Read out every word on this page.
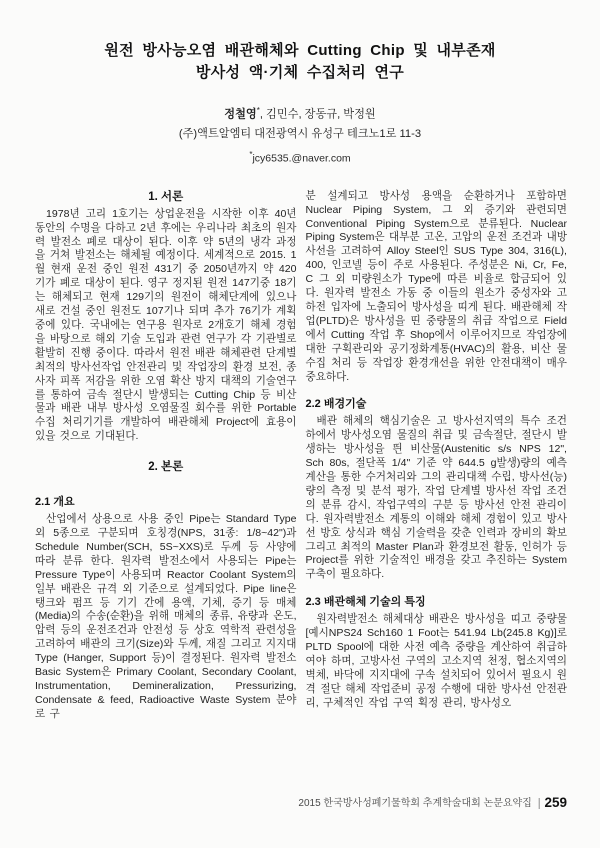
원전 방사능오염 배관해체와 Cutting Chip 및 내부존재
방사성 액·기체 수집처리 연구
정철영*, 김민수, 장동규, 박정원
(주)액트알엠티 대전광역시 유성구 테크노1로 11-3
*jcy6535.@naver.com
1. 서론

1978년 고리 1호기는 상업운전을 시작한 이후 40년 동안의 수명을 다하고 2년 후에는 우리나라 최초의 원자력 발전소 폐로 대상이 된다. 이후 약 5년의 냉각 과정을 거쳐 발전소는 해체될 예정이다. 세계적으로 2015. 1월 현재 운전 중인 원전 431기 중 2050년까지 약 420기가 폐로 대상이 된다. 영구 정지된 원전 147기중 18기는 해체되고 현재 129기의 원전이 해체단계에 있으나 새로 건설 중인 원전도 107기나 되며 추가 76기가 계획 중에 있다. 국내에는 연구용 원자로 2개호기 해체 경험을 바탕으로 해외 기술 도입과 관련 연구가 각 기관별로 활발히 진행 중이다. 따라서 원전 배관 해체관련 단계별 최적의 방사선작업 안전관리 및 작업장의 환경 보전, 종사자 피폭 저감을 위한 오염 확산 방지 대책의 기술연구를 통하여 금속 절단시 발생되는 Cutting Chip 등 비산물과 배관 내부 방사성 오염물질 회수를 위한 Portable 수집 처리기기를 개발하여 배관해체 Project에 효용이 있을 것으로 기대된다.

2. 본론
2.1 개요

산업에서 상용으로 사용 중인 Pipe는 Standard Type 외 5종으로 구분되며 호칭경(NPS, 31종: 1/8~42")과 Schedule Number(SCH, 5S~XXS)로 두께 등 사양에 따라 분류 한다. 원자력 발전소에서 사용되는 Pipe는 Pressure Type이 사용되며 Reactor Coolant System의 일부 배관은 규격 외 기준으로 설계되었다. Pipe line은 탱크와 펌프 등 기기 간에 용액, 기체, 증기 등 매체(Media)의 수송(순환)을 위해 매체의 종류, 유량과 온도, 압력 등의 운전조건과 안전성 등 상호 역학적 관련성을 고려하여 배관의 크기(Size)와 두께, 재질 그리고 지지대 Type (Hanger, Support 등)이 결정된다. 원자력 발전소 Basic System은 Primary Coolant, Secondary Coolant, Instrumentation, Demineralization, Pressurizing, Condensate & feed, Radioactive Waste System 분야로 구

분 설계되고 방사성 용액을 순환하거나 포함하면 Nuclear Piping System, 그 외 증기와 관련되면 Conventional Piping System으로 분류된다. Nuclear Piping System은 대부분 고온, 고압의 운전 조건과 내방사선을 고려하여 Alloy Steel인 SUS Type 304, 316(L), 400, 인코넬 등이 주로 사용된다. 주성분은 Ni, Cr, Fe, C 그 외 미량원소가 Type에 따른 비율로 합금되어 있다. 원자력 발전소 가동 중 이들의 원소가 중성자와 고 하전 입자에 노출되어 방사성을 띠게 된다. 배관해체 작업(PLTD)은 방사성을 띤 중량물의 취급 작업으로 Field에서 Cutting 작업 후 Shop에서 이루어지므로 작업장에 대한 구획관리와 공기정화계통(HVAC)의 활용, 비산 물 수집 처리 등 작업장 환경개선을 위한 안전대책이 매우 중요하다.

2.2 배경기술

배관 해체의 핵심기술은 고 방사선지역의 특수 조건하에서 방사성오염 물질의 취급 및 금속절단, 절단시 발생하는 방사성을 띈 비산물(Austenitic s/s NPS 12", Sch 80s, 절단폭 1/4" 기준 약 644.5 g발생)량의 예측 계산을 통한 수거처리와 그의 관리대책 수립, 방사선(능)량의 측정 및 분석 평가, 작업 단계별 방사선 작업 조건의 분류 감시, 작업구역의 구분 등 방사선 안전 관리이다. 원자력발전소 계통의 이해와 해체 경험이 있고 방사선 방호 상식과 핵심 기술력을 갖춘 인력과 장비의 확보 그리고 최적의 Master Plan과 환경보전 활동, 인허가 등 Project를 위한 기술적인 배경을 갖고 추진하는 System구축이 필요하다.

2.3 배관해체 기술의 특징

원자력발전소 해체대상 배관은 방사성을 띠고 중량물[예시NPS24 Sch160 1 Foot는 541.94 Lb(245.8 Kg)]로 PLTD Spool에 대한 사전 예측 중량을 계산하여 취급하여야 하며, 고방사선 구역의 고소지역 천정, 협소지역의 벽체, 바닥에 지지대에 구속 설치되어 있어서 필요시 원격 절단 해체 작업준비 공정 수행에 대한 방사선 안전관리, 구체적인 작업 구역 획정 관리, 방사성오

2015 한국방사성폐기물학회 추계학술대회 논문요약집 | 259
